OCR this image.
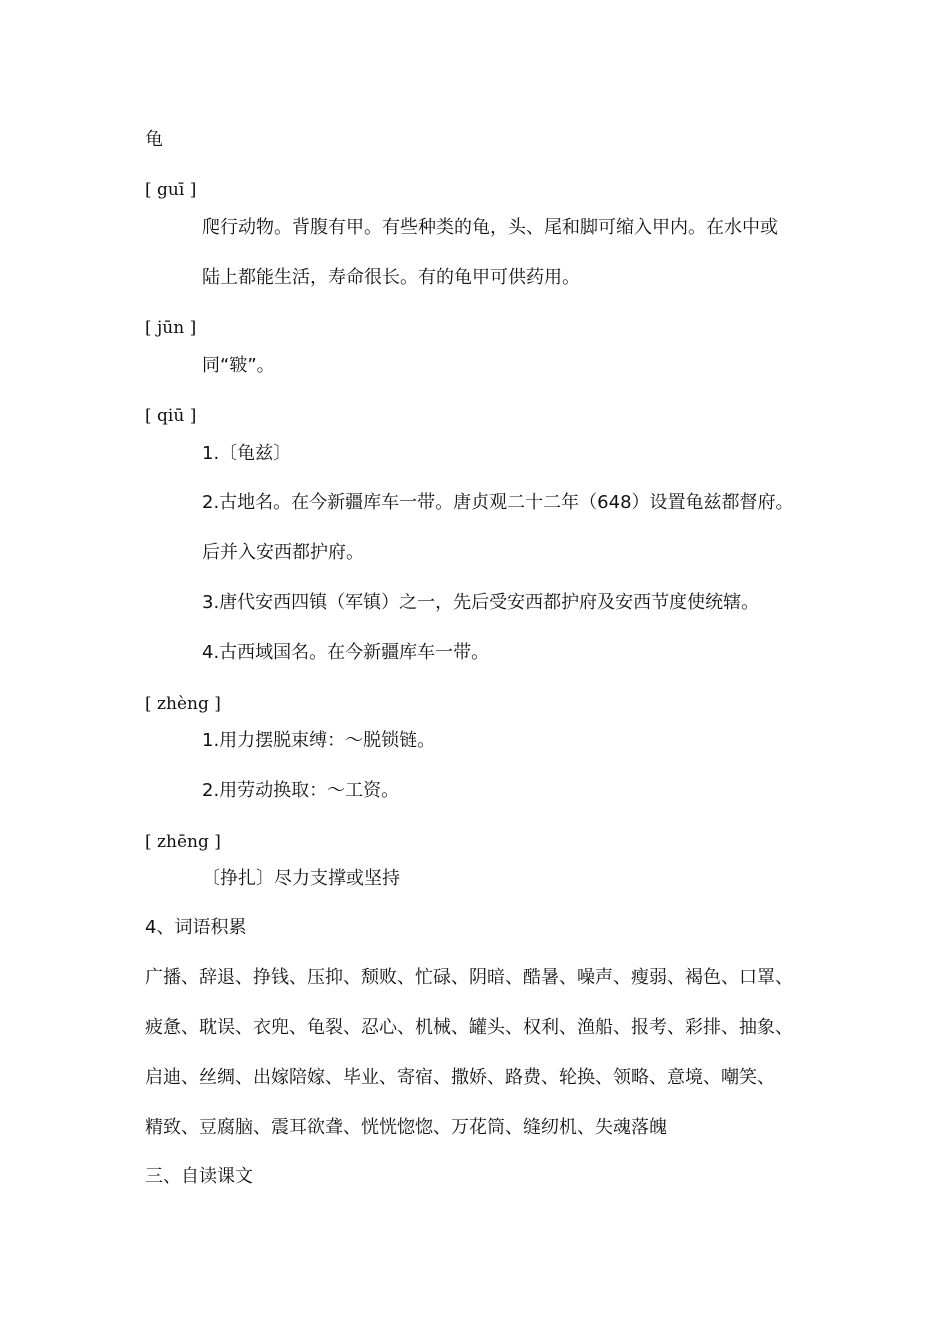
龟
[ guī ]
爬行动物。背腹有甲。有些种类的龟，头、尾和脚可缩入甲内。在水中或
陆上都能生活，寿命很长。有的龟甲可供药用。
[ jūn ]
同“皲”。
[ qiū ]
1.〔龟兹〕
2.古地名。在今新疆库车一带。唐贞观二十二年（648）设置龟兹都督府。
后并入安西都护府。
3.唐代安西四镇（军镇）之一，先后受安西都护府及安西节度使统辖。
4.古西域国名。在今新疆库车一带。
[ zhèng ]
1.用力摆脱束缚：～脱锁链。
2.用劳动换取：～工资。
[ zhēng ]
〔挣扎〕尽力支撑或坚持
4、词语积累
广播、辞退、挣钱、压抑、颓败、忙碌、阴暗、酷暑、噪声、瘦弱、褐色、口罩、
疲惫、耽误、衣兜、龟裂、忍心、机械、罐头、权利、渔船、报考、彩排、抽象、
启迪、丝绸、出嫁陪嫁、毕业、寄宿、撒娇、路费、轮换、领略、意境、嘲笑、
精致、豆腐脑、震耳欲聋、恍恍惚惚、万花筒、缝纫机、失魂落魄
三、自读课文
